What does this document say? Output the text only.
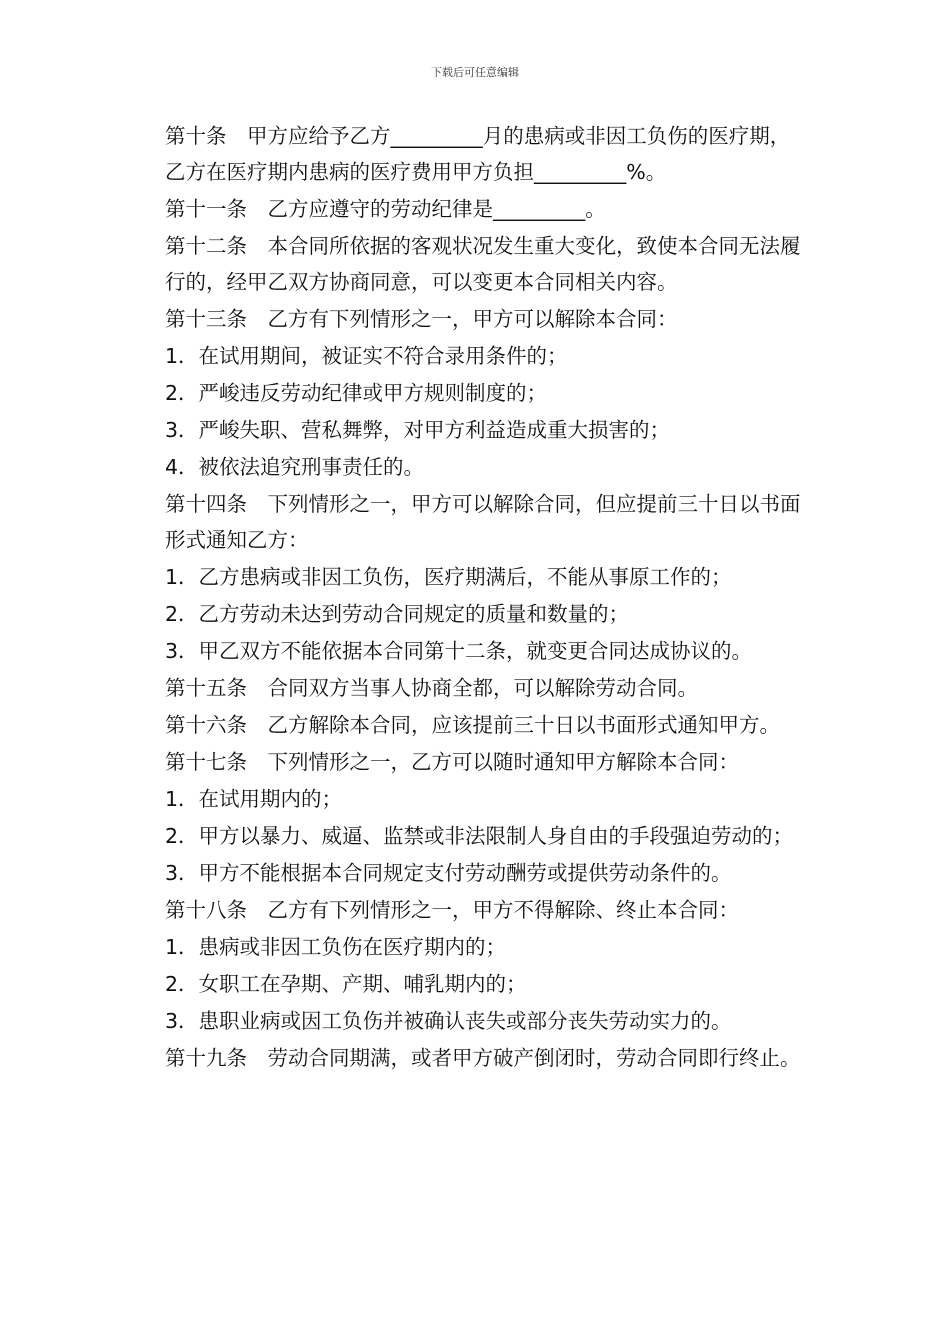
下载后可任意编辑

第十条　甲方应给予乙方_________月的患病或非因工负伤的医疗期，乙方在医疗期内患病的医疗费用甲方负担_________%。

第十一条　乙方应遵守的劳动纪律是_________。

第十二条　本合同所依据的客观状况发生重大变化，致使本合同无法履行的，经甲乙双方协商同意，可以变更本合同相关内容。

第十三条　乙方有下列情形之一，甲方可以解除本合同：

1．在试用期间，被证实不符合录用条件的；

2．严峻违反劳动纪律或甲方规则制度的；

3．严峻失职、营私舞弊，对甲方利益造成重大损害的；

4．被依法追究刑事责任的。

第十四条　下列情形之一，甲方可以解除合同，但应提前三十日以书面形式通知乙方：

1．乙方患病或非因工负伤，医疗期满后，不能从事原工作的；

2．乙方劳动未达到劳动合同规定的质量和数量的；

3．甲乙双方不能依据本合同第十二条，就变更合同达成协议的。

第十五条　合同双方当事人协商全都，可以解除劳动合同。

第十六条　乙方解除本合同，应该提前三十日以书面形式通知甲方。

第十七条　下列情形之一，乙方可以随时通知甲方解除本合同：

1．在试用期内的；

2．甲方以暴力、威逼、监禁或非法限制人身自由的手段强迫劳动的；

3．甲方不能根据本合同规定支付劳动酬劳或提供劳动条件的。

第十八条　乙方有下列情形之一，甲方不得解除、终止本合同：

1．患病或非因工负伤在医疗期内的；

2．女职工在孕期、产期、哺乳期内的；

3．患职业病或因工负伤并被确认丧失或部分丧失劳动实力的。

第十九条　劳动合同期满，或者甲方破产倒闭时，劳动合同即行终止。
